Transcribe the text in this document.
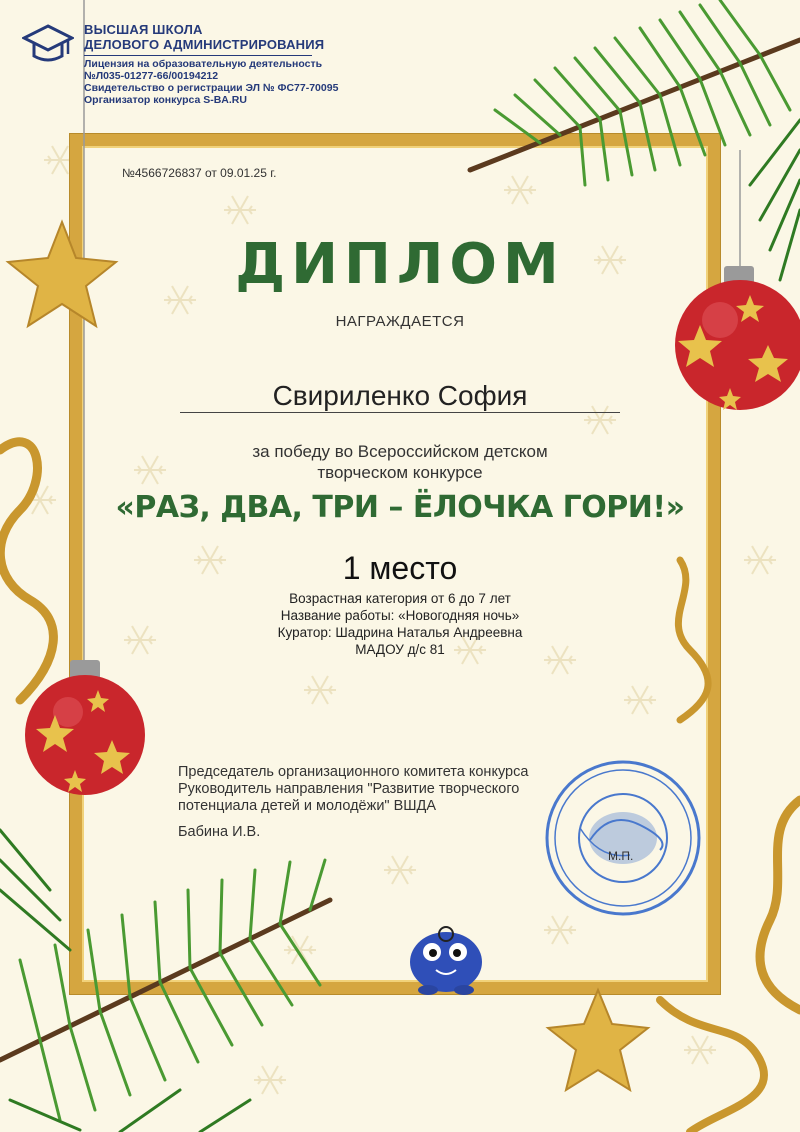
ВЫСШАЯ ШКОЛА
ДЕЛОВОГО АДМИНИСТРИРОВАНИЯ
Лицензия на образовательную деятельность
№Л035-01277-66/00194212
Свидетельство о регистрации ЭЛ № ФС77-70095
Организатор конкурса S-BA.RU
№4566726837 от 09.01.25 г.
ДИПЛОМ
НАГРАЖДАЕТСЯ
Свириленко София
за победу во Всероссийском детском
творческом конкурсе
«РАЗ, ДВА, ТРИ – ЁЛОЧКА ГОРИ!»
1 место
Возрастная категория от 6 до 7 лет
Название работы: «Новогодняя ночь»
Куратор: Шадрина Наталья Андреевна
МАДОУ д/с 81
Председатель организационного комитета конкурса
Руководитель направления "Развитие творческого
потенциала детей и молодёжи" ВШДА
Бабина И.В.
М.П.
